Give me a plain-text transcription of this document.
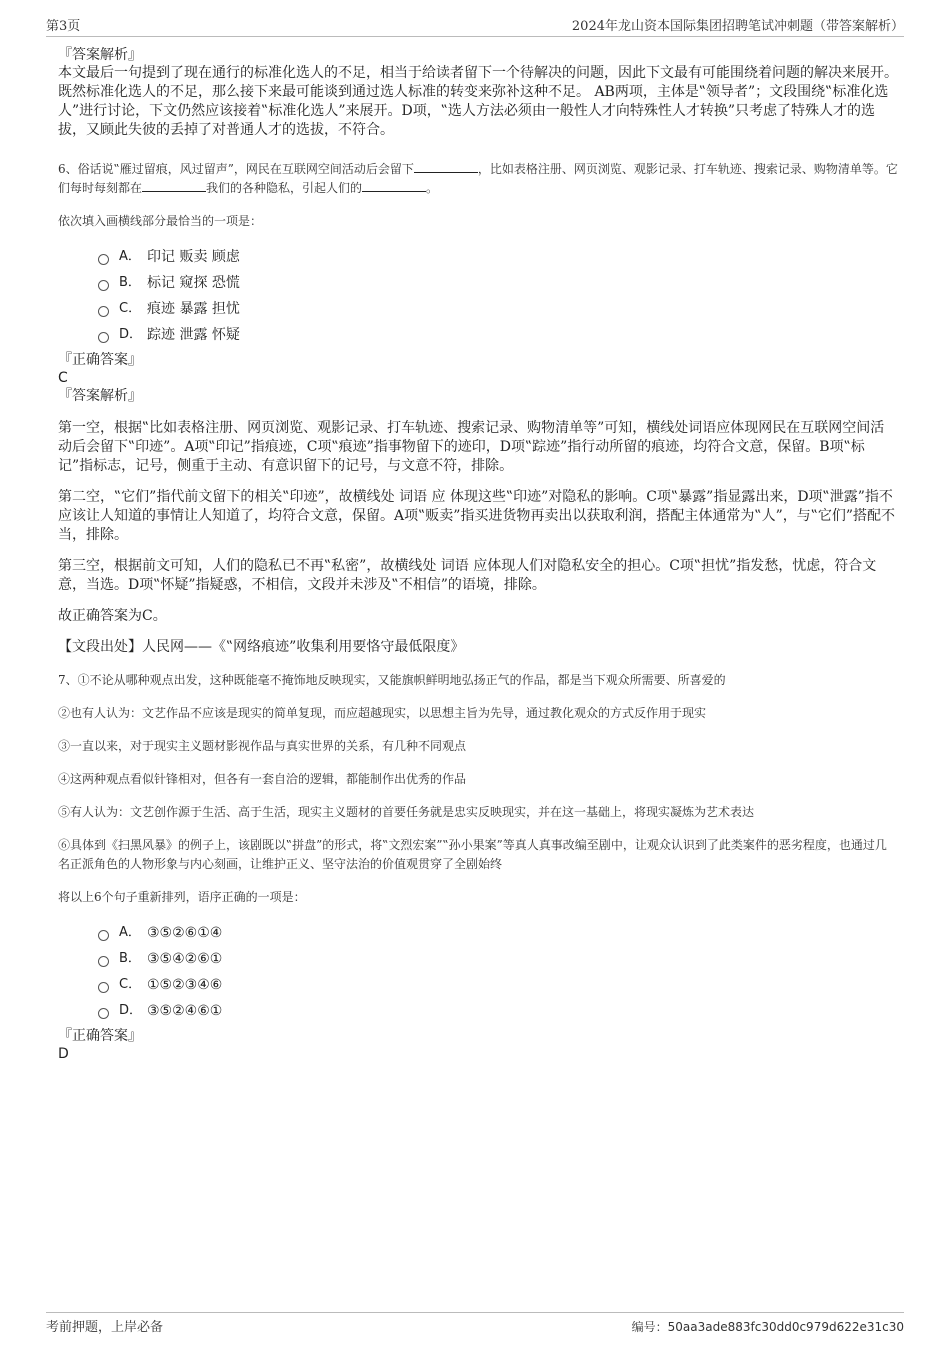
第3页	2024年龙山资本国际集团招聘笔试冲刺题（带答案解析）

『答案解析』

本文最后一句提到了现在通行的标准化选人的不足，相当于给读者留下一个待解决的问题，因此下文最有可能围绕着问题的解决来展开。既然标准化选人的不足，那么接下来最可能谈到通过选人标准的转变来弥补这种不足。 AB两项，主体是‟领导者”；文段围绕‟标准化选人”进行讨论，下文仍然应该接着‟标准化选人”来展开。D项，‟选人方法必须由一般性人才向特殊性人才转换”只考虑了特殊人才的选拔，又顾此失彼的丢掉了对普通人才的选拔，不符合。

6、俗话说‟雁过留痕，风过留声”，网民在互联网空间活动后会留下	，比如表格注册、网页浏览、观影记录、打车轨迹、搜索记录、购物清单等。它们每时每刻都在	我们的各种隐私，引起人们的	。

依次填入画横线部分最恰当的一项是：

A． 印记 贩卖 顾虑
B． 标记 窥探 恐慌
C． 痕迹 暴露 担忧
D． 踪迹 泄露 怀疑

『正确答案』

C

『答案解析』

第一空，根据‟比如表格注册、网页浏览、观影记录、打车轨迹、搜索记录、购物清单等”可知，横线处词语应体现网民在互联网空间活动后会留下‟印迹”。A项‟印记”指痕迹，C项‟痕迹”指事物留下的迹印，D项‟踪迹”指行动所留的痕迹，均符合文意，保留。B项‟标记”指标志，记号，侧重于主动、有意识留下的记号，与文意不符，排除。

第二空，‟它们”指代前文留下的相关‟印迹”，故横线处 词语 应 体现这些‟印迹”对隐私的影响。C项‟暴露”指显露出来，D项‟泄露”指不应该让人知道的事情让人知道了，均符合文意，保留。A项‟贩卖”指买进货物再卖出以获取利润，搭配主体通常为‟人”，与‟它们”搭配不当，排除。

第三空，根据前文可知，人们的隐私已不再‟私密”，故横线处 词语 应体现人们对隐私安全的担心。C项‟担忧”指发愁，忧虑，符合文意，当选。D项‟怀疑”指疑惑，不相信，文段并未涉及‟不相信”的语境，排除。

故正确答案为C。

【文段出处】人民网——《‟网络痕迹”收集利用要恪守最低限度》

7、①不论从哪种观点出发，这种既能毫不掩饰地反映现实，又能旗帜鲜明地弘扬正气的作品，都是当下观众所需要、所喜爱的

②也有人认为：文艺作品不应该是现实的简单复现，而应超越现实，以思想主旨为先导，通过教化观众的方式反作用于现实

③一直以来，对于现实主义题材影视作品与真实世界的关系，有几种不同观点

④这两种观点看似针锋相对，但各有一套自洽的逻辑，都能制作出优秀的作品

⑤有人认为：文艺创作源于生活、高于生活，现实主义题材的首要任务就是忠实反映现实，并在这一基础上，将现实凝炼为艺术表达

⑥具体到《扫黑风暴》的例子上，该剧既以‟拼盘”的形式，将‟文烈宏案”‟孙小果案”等真人真事改编至剧中，让观众认识到了此类案件的恶劣程度，也通过几名正派角色的人物形象与内心刻画，让维护正义、坚守法治的价值观贯穿了全剧始终

将以上6个句子重新排列，语序正确的一项是：

A． ③⑤②⑥①④
B． ③⑤④②⑥①
C． ①⑤②③④⑥
D． ③⑤②④⑥①

『正确答案』

D

考前押题，上岸必备	编号：50aa3ade883fc30dd0c979d622e31c30
